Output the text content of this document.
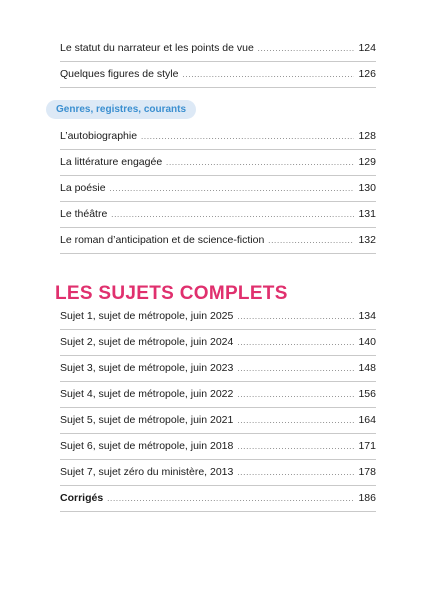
Le statut du narrateur et les points de vue .....	124
Quelques figures de style .....	126
Genres, registres, courants
L’autobiographie .....	128
La littérature engagée .....	129
La poésie .....	130
Le théâtre .....	131
Le roman d’anticipation et de science-fiction .....	132
LES SUJETS COMPLETS
Sujet 1, sujet de métropole, juin 2025 .....	134
Sujet 2, sujet de métropole, juin 2024 .....	140
Sujet 3, sujet de métropole, juin 2023 .....	148
Sujet 4, sujet de métropole, juin 2022 .....	156
Sujet 5, sujet de métropole, juin 2021 .....	164
Sujet 6, sujet de métropole, juin 2018 .....	171
Sujet 7, sujet zéro du ministère, 2013 .....	178
Corrigés .....	186
